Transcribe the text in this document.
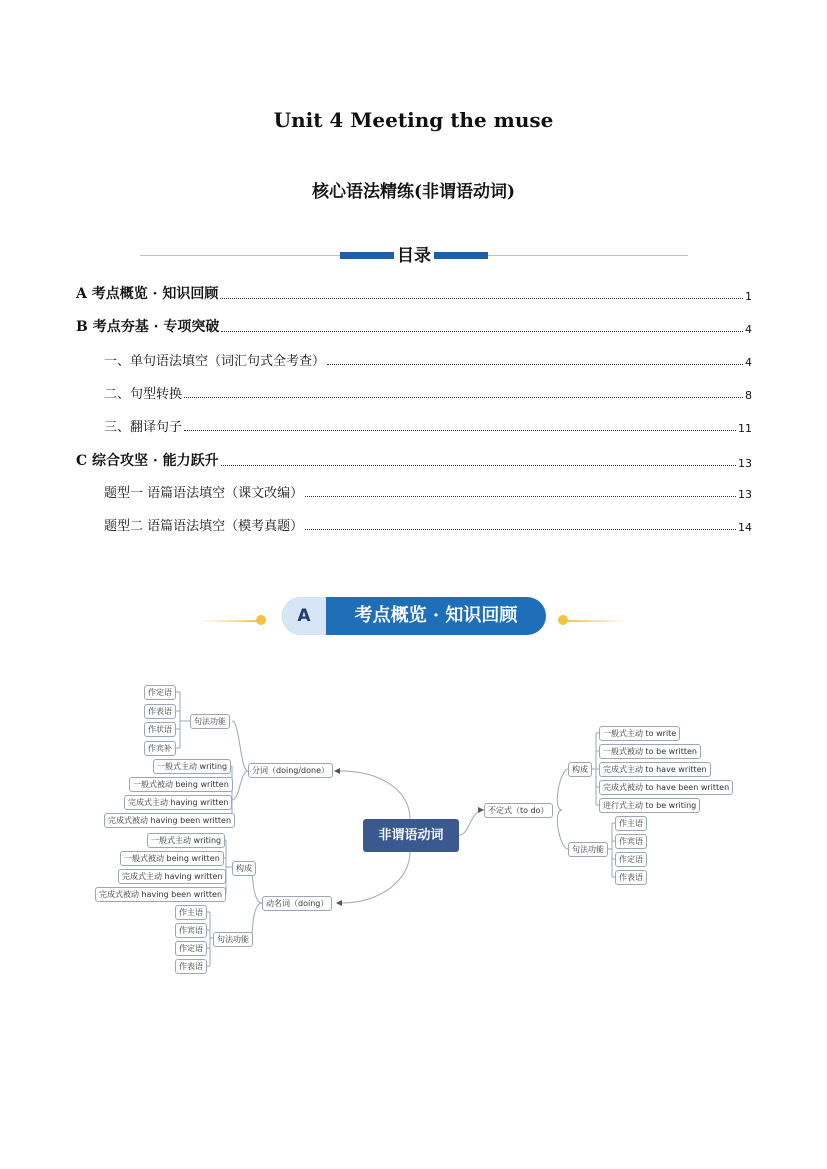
Unit 4 Meeting the muse
核心语法精练(非谓语动词)
目录
A 考点概览 · 知识回顾	1
B 考点夯基 · 专项突破	4
一、单句语法填空（词汇句式全考查）	4
二、句型转换	8
三、翻译句子	11
C 综合攻坚 · 能力跃升	13
题型一 语篇语法填空（课文改编）	13
题型二 语篇语法填空（模考真题）	14
A	考点概览 · 知识回顾
非谓语动词
分词（doing/done）
句法功能
作定语
作表语
作状语
作宾补
一般式主动 writing
一般式被动 being written
完成式主动 having written
完成式被动 having been written
动名词（doing）
构成
一般式主动 writing
一般式被动 being written
完成式主动 having written
完成式被动 having been written
句法功能
作主语
作宾语
作定语
作表语
不定式（to do）
构成
一般式主动 to write
一般式被动 to be written
完成式主动 to have written
完成式被动 to have been written
进行式主动 to be writing
句法功能
作主语
作宾语
作定语
作表语
